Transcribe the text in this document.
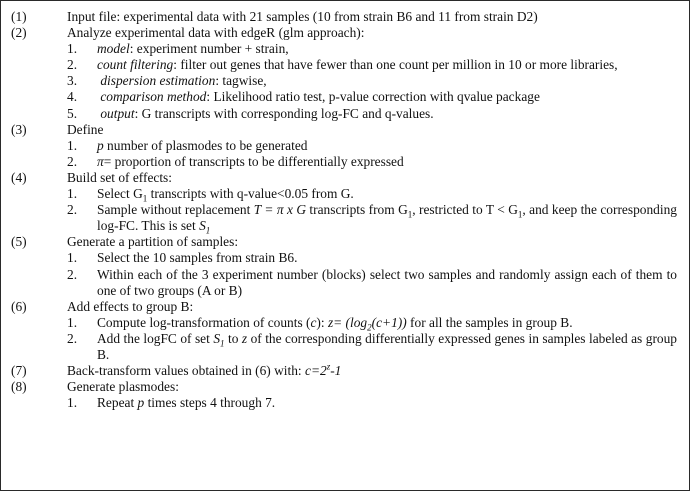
(1)	Input file: experimental data with 21 samples (10 from strain B6 and 11 from strain D2)
(2)	Analyze experimental data with edgeR (glm approach):
1.	model: experiment number + strain,
2.	count filtering: filter out genes that have fewer than one count per million in 10 or more libraries,
3.	dispersion estimation: tagwise,
4.	comparison method: Likelihood ratio test, p-value correction with qvalue package
5.	output: G transcripts with corresponding log-FC and q-values.
(3)	Define
1.	p number of plasmodes to be generated
2.	π= proportion of transcripts to be differentially expressed
(4)	Build set of effects:
1.	Select $G_1$ transcripts with q-value<0.05 from G.
2.	Sample without replacement T = π x G transcripts from $G_1$, restricted to $T < G_1$, and keep the corresponding log-FC. This is set $S_1$
(5)	Generate a partition of samples:
1.	Select the 10 samples from strain B6.
2.	Within each of the 3 experiment number (blocks) select two samples and randomly assign each of them to one of two groups (A or B)
(6)	Add effects to group B:
1.	Compute log-transformation of counts (c): $z= (\log_2(c+1))$ for all the samples in group B.
2.	Add the logFC of set $S_1$ to z of the corresponding differentially expressed genes in samples labeled as group B.
(7)	Back-transform values obtained in (6) with: $c=2^z-1$
(8)	Generate plasmodes:
1.	Repeat p times steps 4 through 7.
